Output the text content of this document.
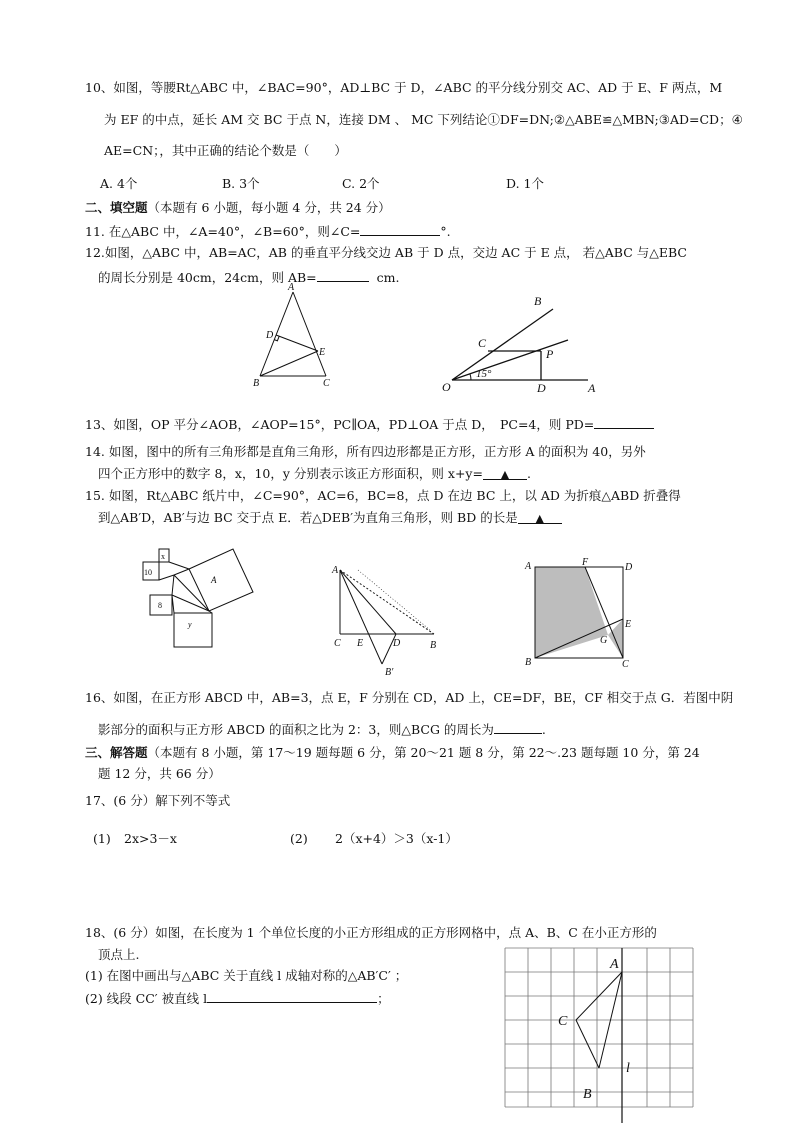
10、如图，等腰Rt△ABC 中，∠BAC=90°，AD⊥BC 于 D，∠ABC 的平分线分别交 AC、AD 于 E、F 两点，M
为 EF 的中点，延长 AM 交 BC 于点 N，连接 DM 、 MC 下列结论①DF=DN;②△ABE≌△MBN;③AD=CD；④
AE=CN；，其中正确的结论个数是（　　）
A. 4个	B. 3个	C. 2个	D. 1个
二、填空题（本题有 6 小题，每小题 4 分，共 24 分）
11. 在△ABC 中，∠A=40°，∠B=60°，则∠C=	°.
12.如图，△ABC 中，AB=AC，AB 的垂直平分线交边 AB 于 D 点，交边 AC 于 E 点， 若△ABC 与△EBC
的周长分别是 40cm，24cm，则 AB=	cm.
A
D
E
B	C
B
C
P
O	D	A
15°
13、如图，OP 平分∠AOB，∠AOP=15°，PC∥OA，PD⊥OA 于点 D，　PC=4，则 PD=
14. 如图，图中的所有三角形都是直角三角形，所有四边形都是正方形，正方形 A 的面积为 40，另外
四个正方形中的数字 8，x，10，y 分别表示该正方形面积，则 x+y= ▲ .
15. 如图，Rt△ABC 纸片中，∠C=90°，AC=6，BC=8，点 D 在边 BC 上，以 AD 为折痕△ABD 折叠得
到△AB′D，AB′与边 BC 交于点 E．若△DEB′为直角三角形，则 BD 的长是 ▲
x
10
A
8
y
A
C E	D	B
B′
A	F	D
E
G
B	C
16、如图，在正方形 ABCD 中，AB=3，点 E，F 分别在 CD，AD 上，CE=DF，BE，CF 相交于点 G．若图中阴
影部分的面积与正方形 ABCD 的面积之比为 2：3，则△BCG 的周长为	.
三、解答题（本题有 8 小题，第 17～19 题每题 6 分，第 20～21 题 8 分，第 22～.23 题每题 10 分，第 24
题 12 分，共 66 分）
17、(6 分）解下列不等式
(1) 2x>3－x	(2) 2（x+4）＞3（x-1）
18、(6 分）如图，在长度为 1 个单位长度的小正方形组成的正方形网格中，点 A、B、C 在小正方形的
顶点上.
(1) 在图中画出与△ABC 关于直线 l 成轴对称的△AB′C′ ；
(2) 线段 CC′ 被直线 l	；
A
C
l
B
